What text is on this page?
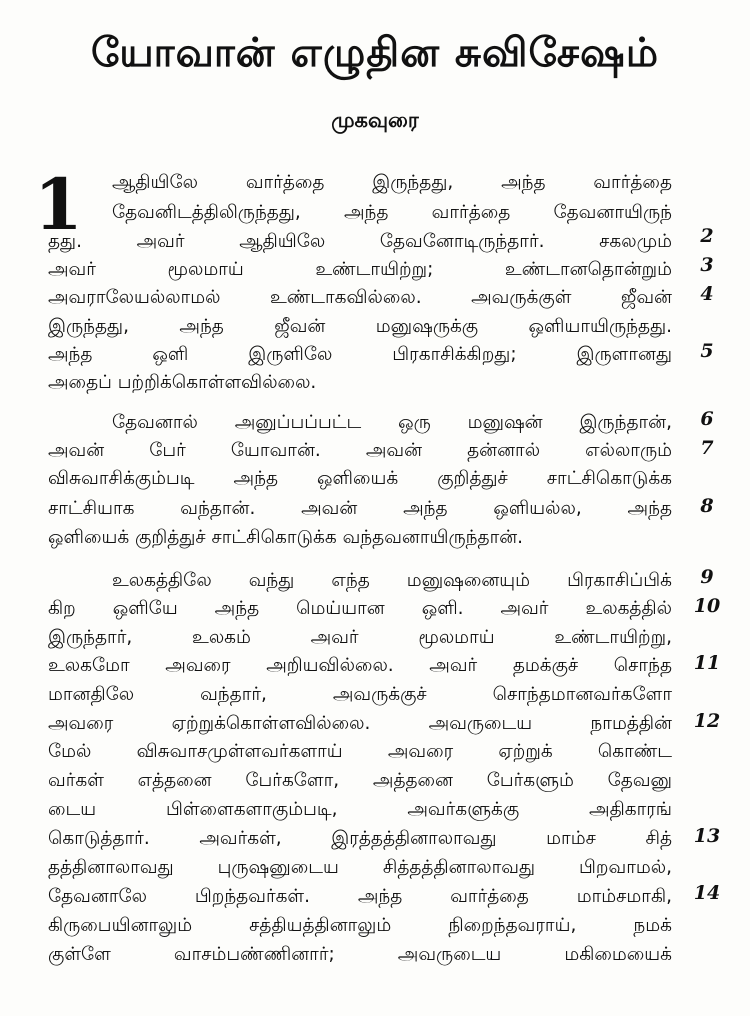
யோவான் எழுதின சுவிசேஷம்
முகவுரை
1 ஆதியிலே வார்த்தை இருந்தது, அந்த வார்த்தை
தேவனிடத்திலிருந்தது, அந்த வார்த்தை தேவனாயிருந்
தது. அவர் ஆதியிலே தேவனோடிருந்தார். சகலமும்
அவர் மூலமாய் உண்டாயிற்று; உண்டானதொன்றும்
அவராலேயல்லாமல் உண்டாகவில்லை. அவருக்குள் ஜீவன்
இருந்தது, அந்த ஜீவன் மனுஷருக்கு ஒளியாயிருந்தது.
அந்த ஒளி இருளிலே பிரகாசிக்கிறது; இருளானது
அதைப் பற்றிக்கொள்ளவில்லை.
தேவனால் அனுப்பப்பட்ட ஒரு மனுஷன் இருந்தான்,
அவன் பேர் யோவான். அவன் தன்னால் எல்லாரும்
விசுவாசிக்கும்படி அந்த ஒளியைக் குறித்துச் சாட்சிகொடுக்க
சாட்சியாக வந்தான். அவன் அந்த ஒளியல்ல, அந்த
ஒளியைக் குறித்துச் சாட்சிகொடுக்க வந்தவனாயிருந்தான்.
உலகத்திலே வந்து எந்த மனுஷனையும் பிரகாசிப்பிக்
கிற ஒளியே அந்த மெய்யான ஒளி. அவர் உலகத்தில்
இருந்தார், உலகம் அவர் மூலமாய் உண்டாயிற்று,
உலகமோ அவரை அறியவில்லை. அவர் தமக்குச் சொந்த
மானதிலே வந்தார், அவருக்குச் சொந்தமானவர்களோ
அவரை ஏற்றுக்கொள்ளவில்லை. அவருடைய நாமத்தின்
மேல் விசுவாசமுள்ளவர்களாய் அவரை ஏற்றுக் கொண்ட
வர்கள் எத்தனை பேர்களோ, அத்தனை பேர்களும் தேவனு
டைய பிள்ளைகளாகும்படி, அவர்களுக்கு அதிகாரங்
கொடுத்தார். அவர்கள், இரத்தத்தினாலாவது மாம்ச சித்
தத்தினாலாவது புருஷனுடைய சித்தத்தினாலாவது பிறவாமல்,
தேவனாலே பிறந்தவர்கள். அந்த வார்த்தை மாம்சமாகி,
கிருபையினாலும் சத்தியத்தினாலும் நிறைந்தவராய், நமக்
குள்ளே வாசம்பண்ணினார்; அவருடைய மகிமையைக்
2
3
4
5
6
7
8
9
10
11
12
13
14
